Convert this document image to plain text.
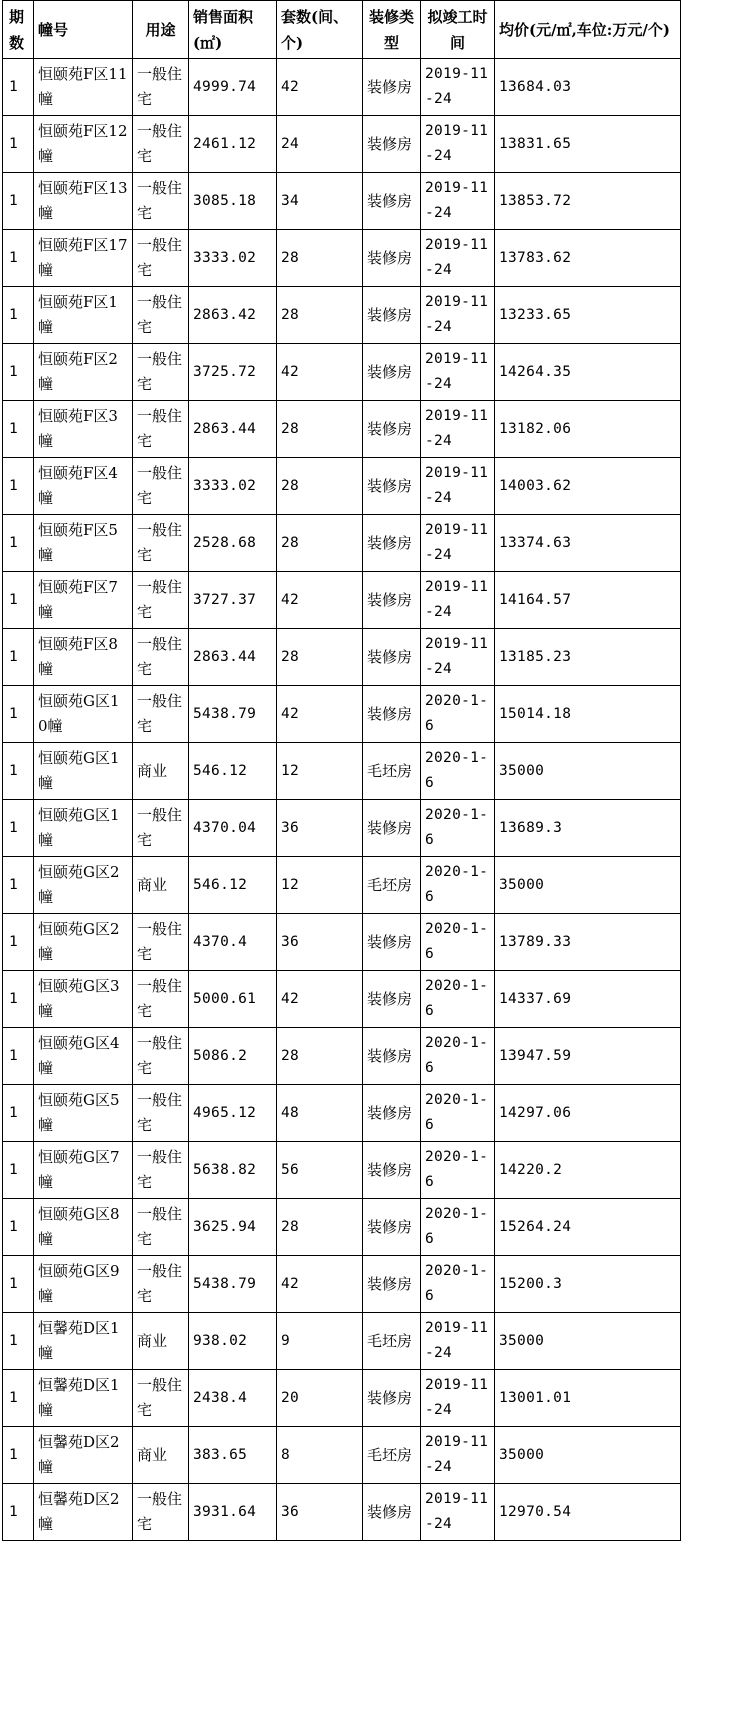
期数	幢号	用途	销售面积(㎡)	套数(间、个)	装修类型	拟竣工时间	均价(元/㎡,车位:万元/个)
1	恒颐苑F区11幢	一般住宅	4999.74	42	装修房	2019-11-24	13684.03
1	恒颐苑F区12幢	一般住宅	2461.12	24	装修房	2019-11-24	13831.65
1	恒颐苑F区13幢	一般住宅	3085.18	34	装修房	2019-11-24	13853.72
1	恒颐苑F区17幢	一般住宅	3333.02	28	装修房	2019-11-24	13783.62
1	恒颐苑F区1幢	一般住宅	2863.42	28	装修房	2019-11-24	13233.65
1	恒颐苑F区2幢	一般住宅	3725.72	42	装修房	2019-11-24	14264.35
1	恒颐苑F区3幢	一般住宅	2863.44	28	装修房	2019-11-24	13182.06
1	恒颐苑F区4幢	一般住宅	3333.02	28	装修房	2019-11-24	14003.62
1	恒颐苑F区5幢	一般住宅	2528.68	28	装修房	2019-11-24	13374.63
1	恒颐苑F区7幢	一般住宅	3727.37	42	装修房	2019-11-24	14164.57
1	恒颐苑F区8幢	一般住宅	2863.44	28	装修房	2019-11-24	13185.23
1	恒颐苑G区10幢	一般住宅	5438.79	42	装修房	2020-1-6	15014.18
1	恒颐苑G区1幢	商业	546.12	12	毛坯房	2020-1-6	35000
1	恒颐苑G区1幢	一般住宅	4370.04	36	装修房	2020-1-6	13689.3
1	恒颐苑G区2幢	商业	546.12	12	毛坯房	2020-1-6	35000
1	恒颐苑G区2幢	一般住宅	4370.4	36	装修房	2020-1-6	13789.33
1	恒颐苑G区3幢	一般住宅	5000.61	42	装修房	2020-1-6	14337.69
1	恒颐苑G区4幢	一般住宅	5086.2	28	装修房	2020-1-6	13947.59
1	恒颐苑G区5幢	一般住宅	4965.12	48	装修房	2020-1-6	14297.06
1	恒颐苑G区7幢	一般住宅	5638.82	56	装修房	2020-1-6	14220.2
1	恒颐苑G区8幢	一般住宅	3625.94	28	装修房	2020-1-6	15264.24
1	恒颐苑G区9幢	一般住宅	5438.79	42	装修房	2020-1-6	15200.3
1	恒馨苑D区1幢	商业	938.02	9	毛坯房	2019-11-24	35000
1	恒馨苑D区1幢	一般住宅	2438.4	20	装修房	2019-11-24	13001.01
1	恒馨苑D区2幢	商业	383.65	8	毛坯房	2019-11-24	35000
1	恒馨苑D区2幢	一般住宅	3931.64	36	装修房	2019-11-24	12970.54
